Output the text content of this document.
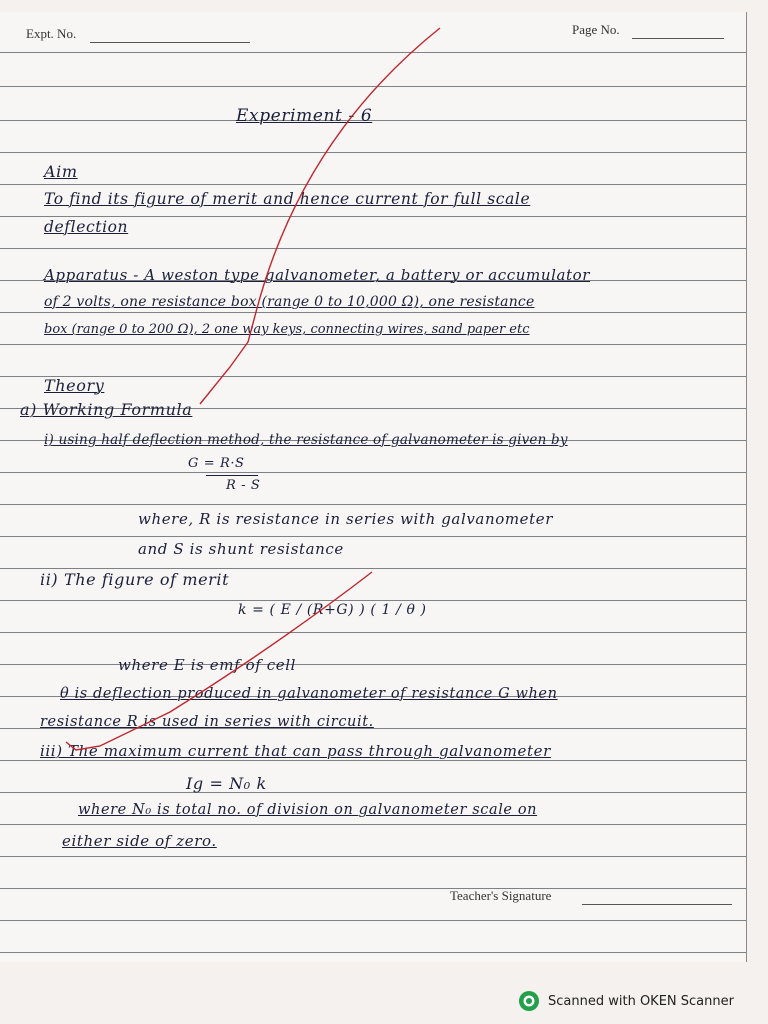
Expt. No.	Page No.
Experiment - 6
Aim
To find its figure of merit and hence current for full scale
deflection
Apparatus - A weston type galvanometer, a battery or accumulator
of 2 volts, one resistance box (range 0 to 10,000 Ω), one resistance
box (range 0 to 200 Ω), 2 one way keys, connecting wires, sand paper etc
Theory
a) Working Formula
i) using half deflection method, the resistance of galvanometer is given by
G = R·S
R - S
where, R is resistance in series with galvanometer
and S is shunt resistance
ii) The figure of merit
k = ( E / (R+G) ) ( 1 / θ )
where E is emf of cell
θ is deflection produced in galvanometer of resistance G when
resistance R is used in series with circuit.
iii) The maximum current that can pass through galvanometer
Ig = N₀ k
where N₀ is total no. of division on galvanometer scale on
either side of zero.
Teacher's Signature
Scanned with OKEN Scanner
